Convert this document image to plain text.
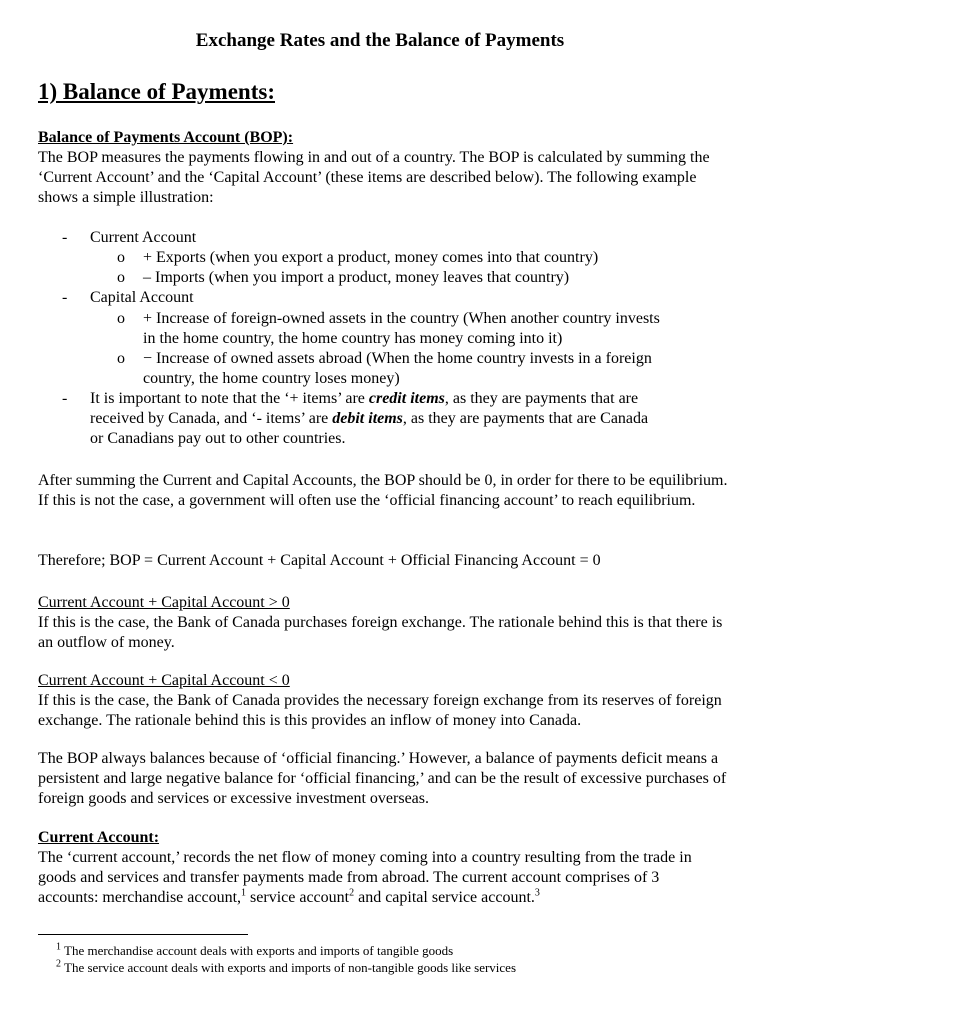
Exchange Rates and the Balance of Payments
1) Balance of Payments:
Balance of Payments Account (BOP):
The BOP measures the payments flowing in and out of a country. The BOP is calculated by summing the ‘Current Account’ and the ‘Capital Account’ (these items are described below). The following example shows a simple illustration:
- Current Account
o + Exports (when you export a product, money comes into that country)
o – Imports (when you import a product, money leaves that country)
- Capital Account
o + Increase of foreign-owned assets in the country (When another country invests
in the home country, the home country has money coming into it)
o − Increase of owned assets abroad (When the home country invests in a foreign
country, the home country loses money)
- It is important to note that the ‘+ items’ are credit items, as they are payments that are
received by Canada, and ‘- items’ are debit items, as they are payments that are Canada
or Canadians pay out to other countries.
After summing the Current and Capital Accounts, the BOP should be 0, in order for there to be equilibrium. If this is not the case, a government will often use the ‘official financing account’ to reach equilibrium.
Therefore; BOP = Current Account + Capital Account + Official Financing Account = 0
Current Account + Capital Account > 0
If this is the case, the Bank of Canada purchases foreign exchange. The rationale behind this is that there is an outflow of money.
Current Account + Capital Account < 0
If this is the case, the Bank of Canada provides the necessary foreign exchange from its reserves of foreign exchange. The rationale behind this is this provides an inflow of money into Canada.
The BOP always balances because of ‘official financing.’ However, a balance of payments deficit means a persistent and large negative balance for ‘official financing,’ and can be the result of excessive purchases of foreign goods and services or excessive investment overseas.
Current Account:
The ‘current account,’ records the net flow of money coming into a country resulting from the trade in goods and services and transfer payments made from abroad. The current account comprises of 3 accounts: merchandise account,$^1$ service account$^2$ and capital service account.$^3$
$^1$ The merchandise account deals with exports and imports of tangible goods
$^2$ The service account deals with exports and imports of non-tangible goods like services
